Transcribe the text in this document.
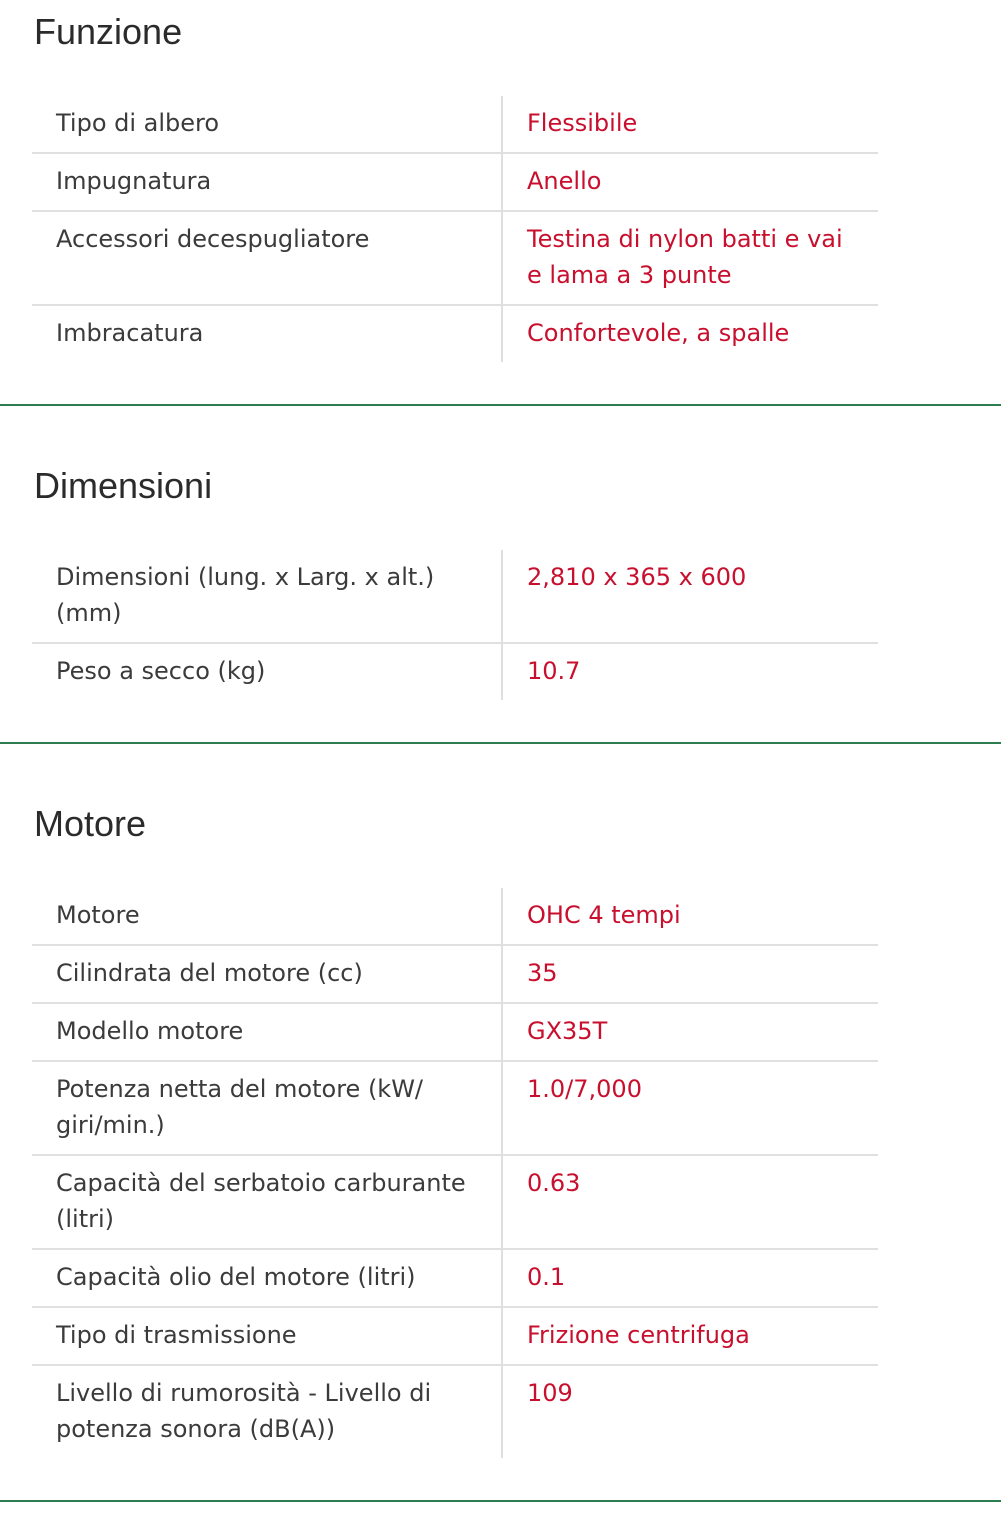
Funzione
Tipo di albero	Flessibile
Impugnatura	Anello
Accessori decespugliatore	Testina di nylon batti e vai e lama a 3 punte
Imbracatura	Confortevole, a spalle
Dimensioni
Dimensioni (lung. x Larg. x alt.) (mm)	2,810 x 365 x 600
Peso a secco (kg)	10.7
Motore
Motore	OHC 4 tempi
Cilindrata del motore (cc)	35
Modello motore	GX35T
Potenza netta del motore (kW/ giri/min.)	1.0/7,000
Capacità del serbatoio carburante (litri)	0.63
Capacità olio del motore (litri)	0.1
Tipo di trasmissione	Frizione centrifuga
Livello di rumorosità - Livello di potenza sonora (dB(A))	109
